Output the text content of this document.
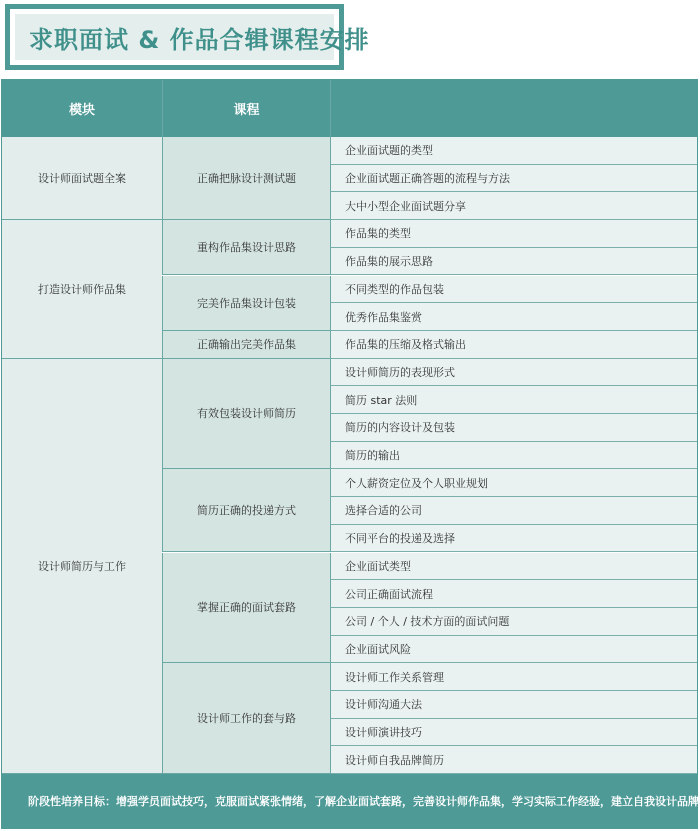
求职面试 & 作品合辑课程安排
模块	课程
阶段性培养目标：增强学员面试技巧，克服面试紧张情绪，了解企业面试套路，完善设计师作品集，学习实际工作经验，建立自我设计品牌
企业面试题的类型
企业面试题正确答题的流程与方法
大中小型企业面试题分享
正确把脉设计测试题
设计师面试题全案
作品集的类型
作品集的展示思路
重构作品集设计思路
不同类型的作品包装
优秀作品集鉴赏
完美作品集设计包装
作品集的压缩及格式输出
正确输出完美作品集
打造设计师作品集
设计师简历的表现形式
简历 star 法则
简历的内容设计及包装
简历的输出
有效包装设计师简历
个人薪资定位及个人职业规划
选择合适的公司
不同平台的投递及选择
简历正确的投递方式
企业面试类型
公司正确面试流程
公司 / 个人 / 技术方面的面试问题
企业面试风险
掌握正确的面试套路
设计师工作关系管理
设计师沟通大法
设计师演讲技巧
设计师自我品牌简历
设计师工作的套与路
设计师简历与工作
